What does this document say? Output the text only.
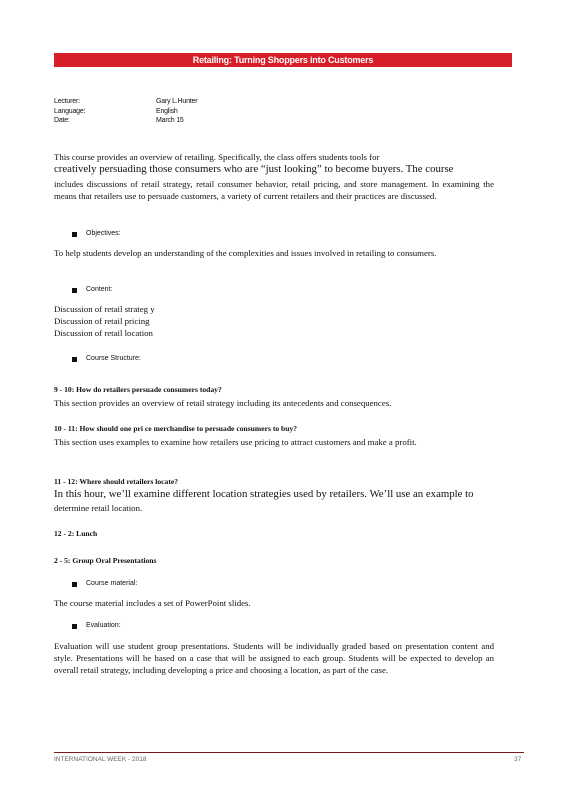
Retailing: Turning Shoppers into Customers
Lecturer:	Gary L.Hunter
Language:	English
Date:	March 15

This course provides an overview of retailing. Specifically, the class offers students tools for

creatively persuading those consumers who are “just looking” to become buyers. The course

includes discussions of retail strategy, retail consumer behavior, retail pricing, and store management. In examining the means that retailers use to persuade customers, a variety of current retailers and their practices are discussed.

Objectives:

To help students develop an understanding of the complexities and issues involved in retailing to consumers.

Content:
Discussion of retail strateg y
Discussion of retail pricing
Discussion of retail location
Course Structure:
9 - 10: How do retailers persuade consumers today?

This section provides an overview of retail strategy including its antecedents and consequences.

10 - 11: How should one pri ce merchandise to persuade consumers to buy?

This section uses examples to examine how retailers use pricing to attract customers and make a profit.

11 - 12: Where should retailers locate?

In this hour, we’ll examine different location strategies used by retailers. We’ll use an example to

determine retail location.

12 - 2: Lunch
2 - 5: Group Oral Presentations
Course material:

The course material includes a set of PowerPoint slides.

Evaluation:

Evaluation will use student group presentations. Students will be individually graded based on presentation content and style. Presentations will be based on a case that will be assigned to each group. Students will be expected to develop an overall retail strategy, including developing a price and choosing a location, as part of the case.

INTERNATIONAL WEEK - 2018	37
